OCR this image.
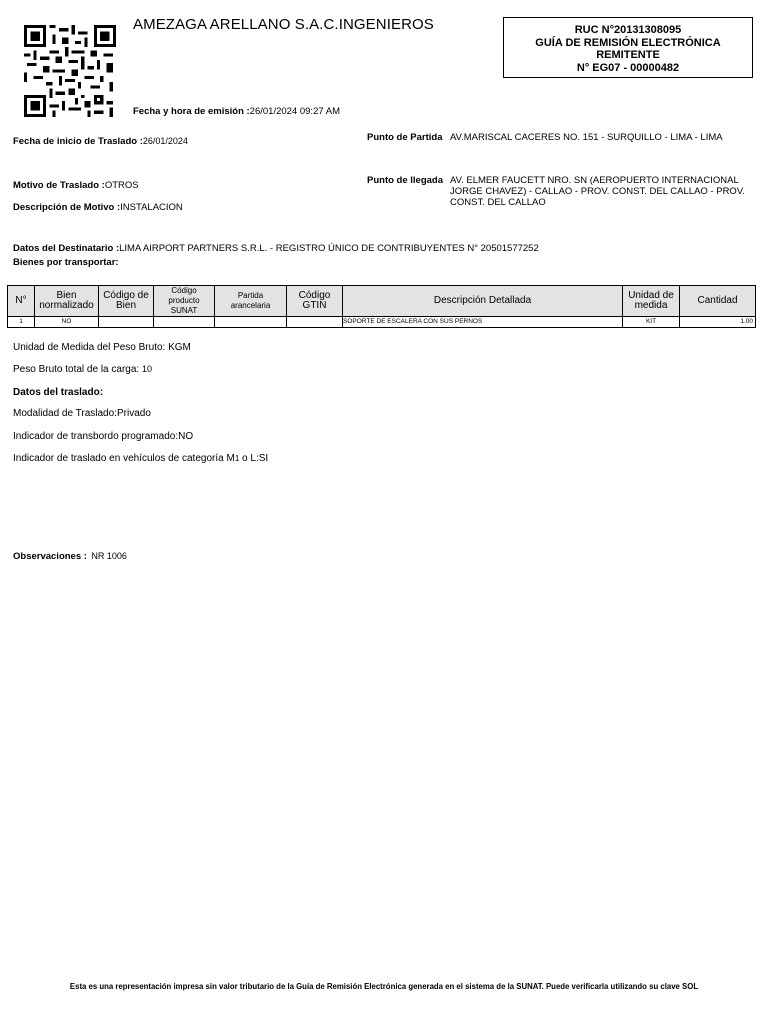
AMEZAGA ARELLANO S.A.C.INGENIEROS	RUC N°20131308095
GUÍA DE REMISIÓN ELECTRÓNICA
REMITENTE
N° EG07 - 00000482
Fecha y hora de emisión :26/01/2024 09:27 AM
Fecha de inicio de Traslado :26/01/2024
Motivo de Traslado :OTROS
Descripción de Motivo :INSTALACION
Punto de Partida AV.MARISCAL CACERES NO. 151 - SURQUILLO - LIMA - LIMA
Punto de llegada AV. ELMER FAUCETT NRO. SN (AEROPUERTO INTERNACIONAL JORGE CHAVEZ) - CALLAO - PROV. CONST. DEL CALLAO - PROV. CONST. DEL CALLAO
Datos del Destinatario :LIMA AIRPORT PARTNERS S.R.L. - REGISTRO ÚNICO DE CONTRIBUYENTES N° 20501577252
Bienes por transportar:
N°	Bien normalizado	Código de Bien	Código producto SUNAT	Partida arancelaria	Código GTIN	Descripción Detallada	Unidad de medida	Cantidad
1	NO					SOPORTE DE ESCALERA CON SUS PERNOS	KIT	1.00
Unidad de Medida del Peso Bruto: KGM
Peso Bruto total de la carga: 10
Datos del traslado:
Modalidad de Traslado:Privado
Indicador de transbordo programado:NO
Indicador de traslado en vehículos de categoría M1 o L:SI
Observaciones : NR 1006
Esta es una representación impresa sin valor tributario de la Guía de Remisión Electrónica generada en el sistema de la SUNAT. Puede verificarla utilizando su clave SOL
